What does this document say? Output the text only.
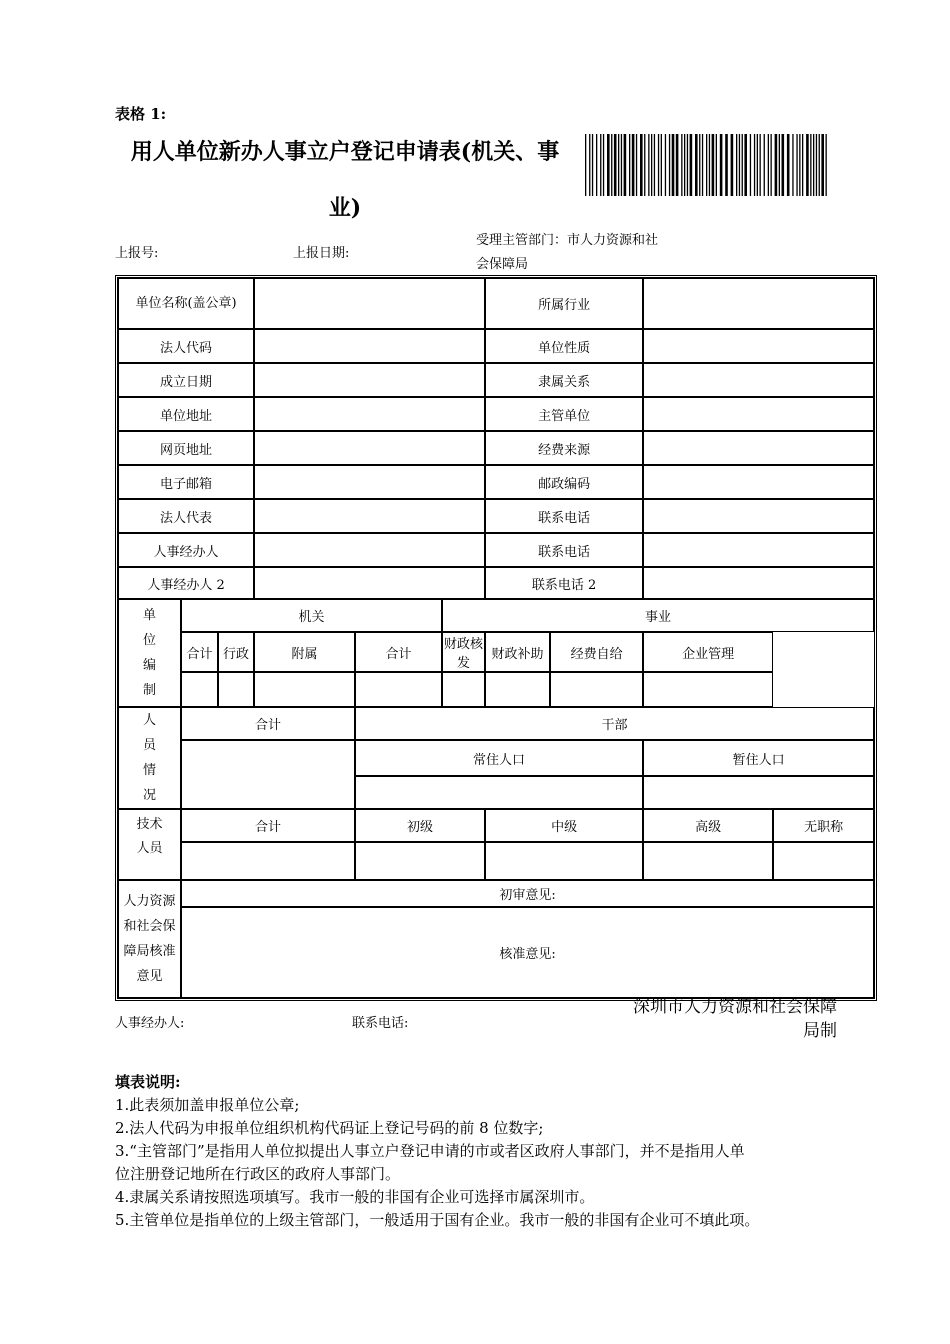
表格 1:
用人单位新办人事立户登记申请表(机关、事
业)
上报号:	上报日期:
受理主管部门：市人力资源和社
会保障局
单位名称(盖公章)						所属行业			
法人代码						单位性质			
成立日期						隶属关系			
单位地址						主管单位			
网页地址						经费来源			
电子邮箱						邮政编码			
法人代表						联系电话			
人事经办人						联系电话			
人事经办人 2						联系电话 2			

单
位
编
制	机关				事业				
	合计	行政	附属	合计	财政核发	财政补助	经费自给	企业管理	

人
员
情
况	合计			干部					
				常住人口				暂住人口	

技术
人员	合计			初级		中级		高级	无职称

人力资源
和社会保
障局核准
意见	初审意见:								
	核准意见:								
人事经办人:	联系电话:
深圳市人力资源和社会保障
局制
填表说明:
1.此表须加盖申报单位公章;
2.法人代码为申报单位组织机构代码证上登记号码的前 8 位数字;
3.“主管部门”是指用人单位拟提出人事立户登记申请的市或者区政府人事部门，并不是指用人单
位注册登记地所在行政区的政府人事部门。
4.隶属关系请按照选项填写。我市一般的非国有企业可选择市属深圳市。
5.主管单位是指单位的上级主管部门，一般适用于国有企业。我市一般的非国有企业可不填此项。
